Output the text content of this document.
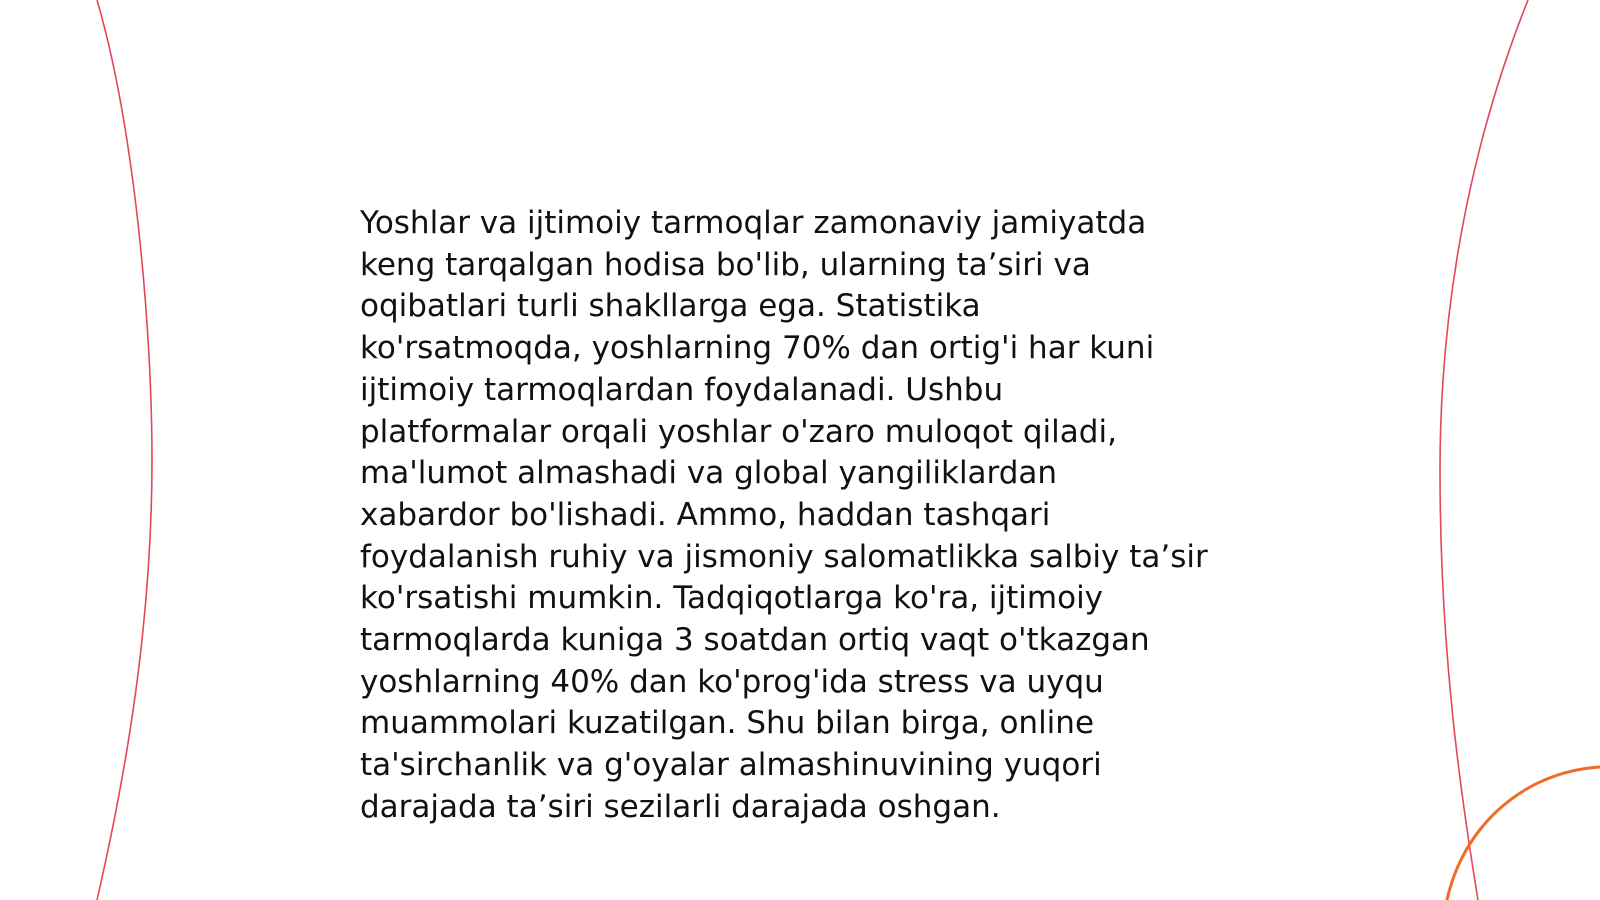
Yoshlar va ijtimoiy tarmoqlar zamonaviy jamiyatda
keng tarqalgan hodisa bo'lib, ularning ta’siri va
oqibatlari turli shakllarga ega. Statistika
ko'rsatmoqda, yoshlarning 70% dan ortig'i har kuni
ijtimoiy tarmoqlardan foydalanadi. Ushbu
platformalar orqali yoshlar o'zaro muloqot qiladi,
ma'lumot almashadi va global yangiliklardan
xabardor bo'lishadi. Ammo, haddan tashqari
foydalanish ruhiy va jismoniy salomatlikka salbiy ta’sir
ko'rsatishi mumkin. Tadqiqotlarga ko'ra, ijtimoiy
tarmoqlarda kuniga 3 soatdan ortiq vaqt o'tkazgan
yoshlarning 40% dan ko'prog'ida stress va uyqu
muammolari kuzatilgan. Shu bilan birga, online
ta'sirchanlik va g'oyalar almashinuvining yuqori
darajada ta’siri sezilarli darajada oshgan.
